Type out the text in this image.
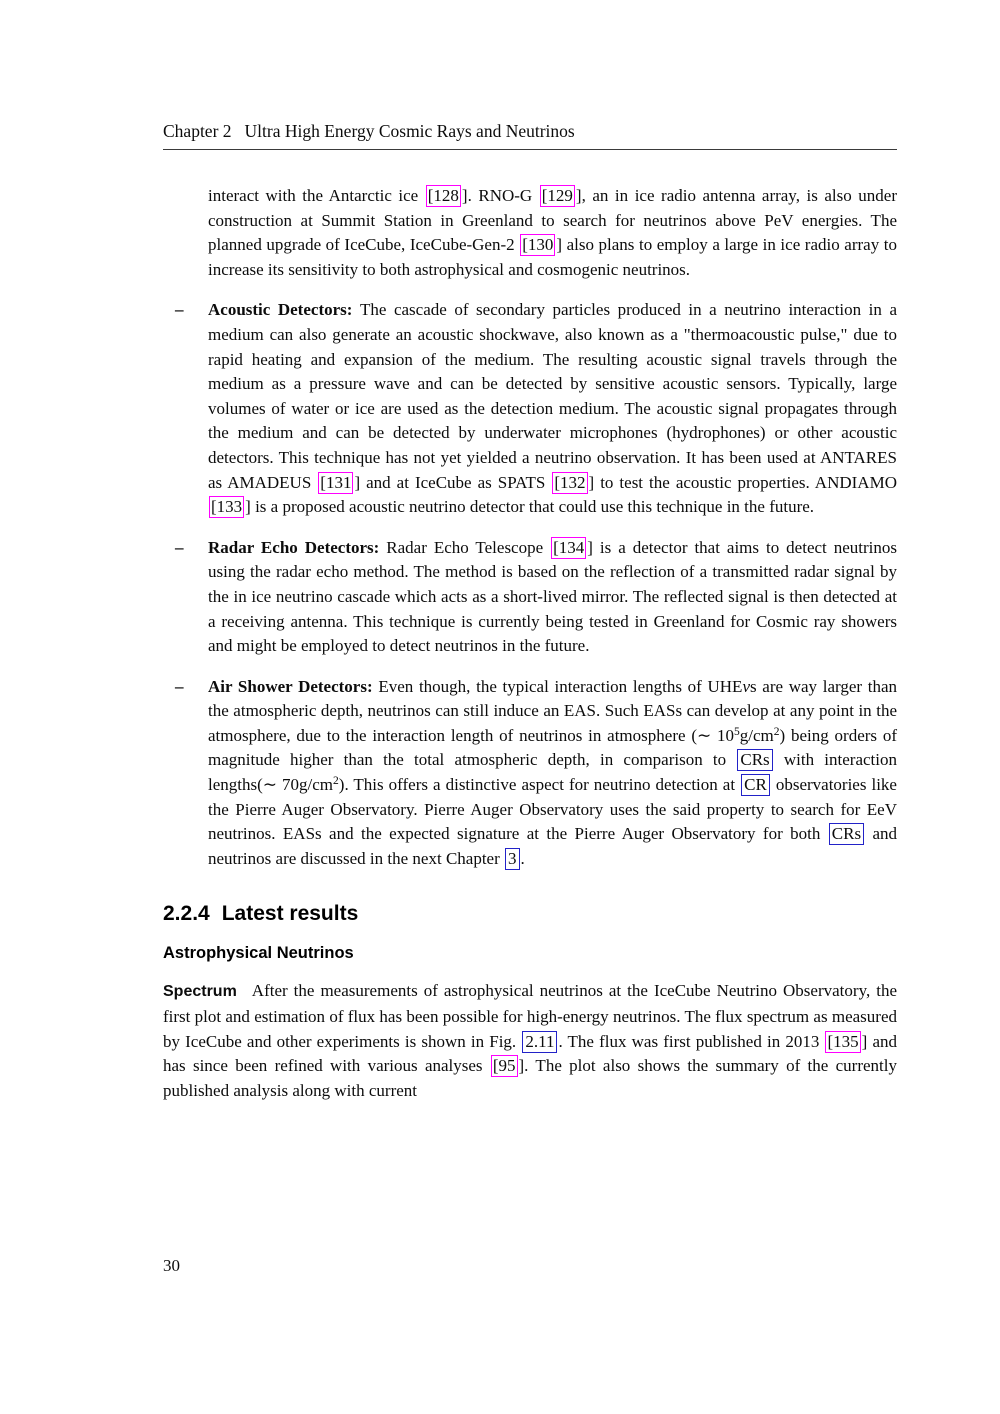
Chapter 2 Ultra High Energy Cosmic Rays and Neutrinos

interact with the Antarctic ice [128 ]. RNO-G [129 ], an in ice radio antenna array, is also under construction at Summit Station in Greenland to search for neutrinos above PeV energies. The planned upgrade of IceCube, IceCube-Gen-2 [130 ] also plans to employ a large in ice radio array to increase its sensitivity to both astrophysical and cosmogenic neutrinos.

– Acoustic Detectors: The cascade of secondary particles produced in a neutrino interaction in a medium can also generate an acoustic shockwave, also known as a "thermoacoustic pulse," due to rapid heating and expansion of the medium. The resulting acoustic signal travels through the medium as a pressure wave and can be detected by sensitive acoustic sensors. Typically, large volumes of water or ice are used as the detection medium. The acoustic signal propagates through the medium and can be detected by underwater microphones (hydrophones) or other acoustic detectors. This technique has not yet yielded a neutrino observation. It has been used at ANTARES as AMADEUS [131 ] and at IceCube as SPATS [132 ] to test the acoustic properties. ANDIAMO [133 ] is a proposed acoustic neutrino detector that could use this technique in the future.
– Radar Echo Detectors: Radar Echo Telescope [134 ] is a detector that aims to detect neutrinos using the radar echo method. The method is based on the reflection of a transmitted radar signal by the in ice neutrino cascade which acts as a short-lived mirror. The reflected signal is then detected at a receiving antenna. This technique is currently being tested in Greenland for Cosmic ray showers and might be employed to detect neutrinos in the future.
– Air Shower Detectors: Even though, the typical interaction lengths of UHEνs are way larger than the atmospheric depth, neutrinos can still induce an EAS. Such EASs can develop at any point in the atmosphere, due to the interaction length of neutrinos in atmosphere (∼ $10^5g/cm^2$) being orders of magnitude higher than the total atmospheric depth, in comparison to CRs with interaction lengths(∼ $70g/cm^2$). This offers a distinctive aspect for neutrino detection at CR observatories like the Pierre Auger Observatory. Pierre Auger Observatory uses the said property to search for EeV neutrinos. EASs and the expected signature at the Pierre Auger Observatory for both CRs and neutrinos are discussed in the next Chapter 3 .
2.2.4 Latest results
Astrophysical Neutrinos

Spectrum After the measurements of astrophysical neutrinos at the IceCube Neutrino Observatory, the first plot and estimation of flux has been possible for high-energy neutrinos. The flux spectrum as measured by IceCube and other experiments is shown in Fig. 2.11 . The flux was first published in 2013 [135 ] and has since been refined with various analyses [95 ]. The plot also shows the summary of the currently published analysis along with current

30
